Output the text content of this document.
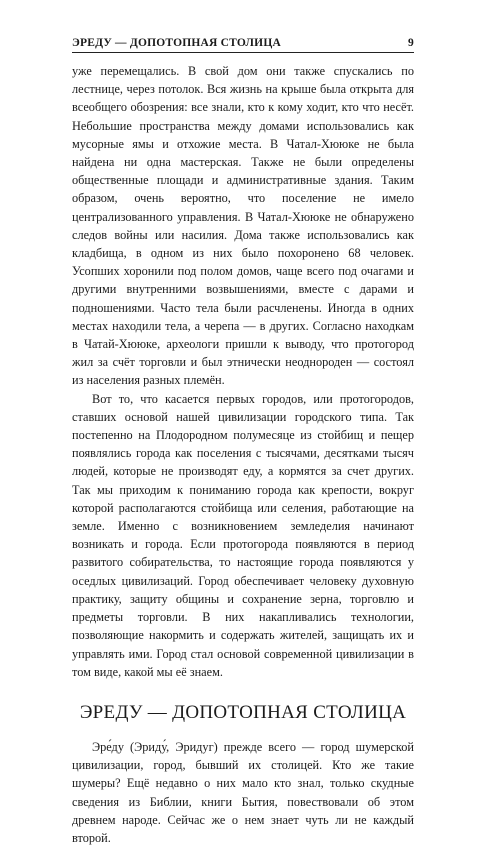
ЭРЕДУ — ДОПОТОПНАЯ СТОЛИЦА	9

уже перемещались. В свой дом они также спускались по лестнице, через потолок. Вся жизнь на крыше была открыта для всеобщего обозрения: все знали, кто к кому ходит, кто что несёт. Небольшие пространства между домами использовались как мусорные ямы и отхожие места. В Чатал-Хююке не была найдена ни одна мастерская. Также не были определены общественные площади и административные здания. Таким образом, очень вероятно, что поселение не имело централизованного управления. В Чатал-Хююке не обнаружено следов войны или насилия. Дома также использовались как кладбища, в одном из них было похоронено 68 человек. Усопших хоронили под полом домов, чаще всего под очагами и другими внутренними возвышениями, вместе с дарами и подношениями. Часто тела были расчленены. Иногда в одних местах находили тела, а черепа — в других. Согласно находкам в Чатай-Хююке, археологи пришли к выводу, что протогород жил за счёт торговли и был этнически неоднороден — состоял из населения разных племён.

Вот то, что касается первых городов, или протогородов, ставших основой нашей цивилизации городского типа. Так постепенно на Плодородном полумесяце из стойбищ и пещер появлялись города как поселения с тысячами, десятками тысяч людей, которые не производят еду, а кормятся за счет других. Так мы приходим к пониманию города как крепости, вокруг которой располагаются стойбища или селения, работающие на земле. Именно с возникновением земледелия начинают возникать и города. Если протогорода появляются в период развитого собирательства, то настоящие города появляются у оседлых цивилизаций. Город обеспечивает человеку духовную практику, защиту общины и сохранение зерна, торговлю и предметы торговли. В них накапливались технологии, позволяющие накормить и содержать жителей, защищать их и управлять ими. Город стал основой современной цивилизации в том виде, какой мы её знаем.

ЭРЕДУ — ДОПОТОПНАЯ СТОЛИЦА

Эре́ду (Эриду́, Эридуг) прежде всего — город шумерской цивилизации, город, бывший их столицей. Кто же такие шумеры? Ещё недавно о них мало кто знал, только скудные сведения из Библии, книги Бытия, повествовали об этом древнем народе. Сейчас же о нем знает чуть ли не каждый второй.
